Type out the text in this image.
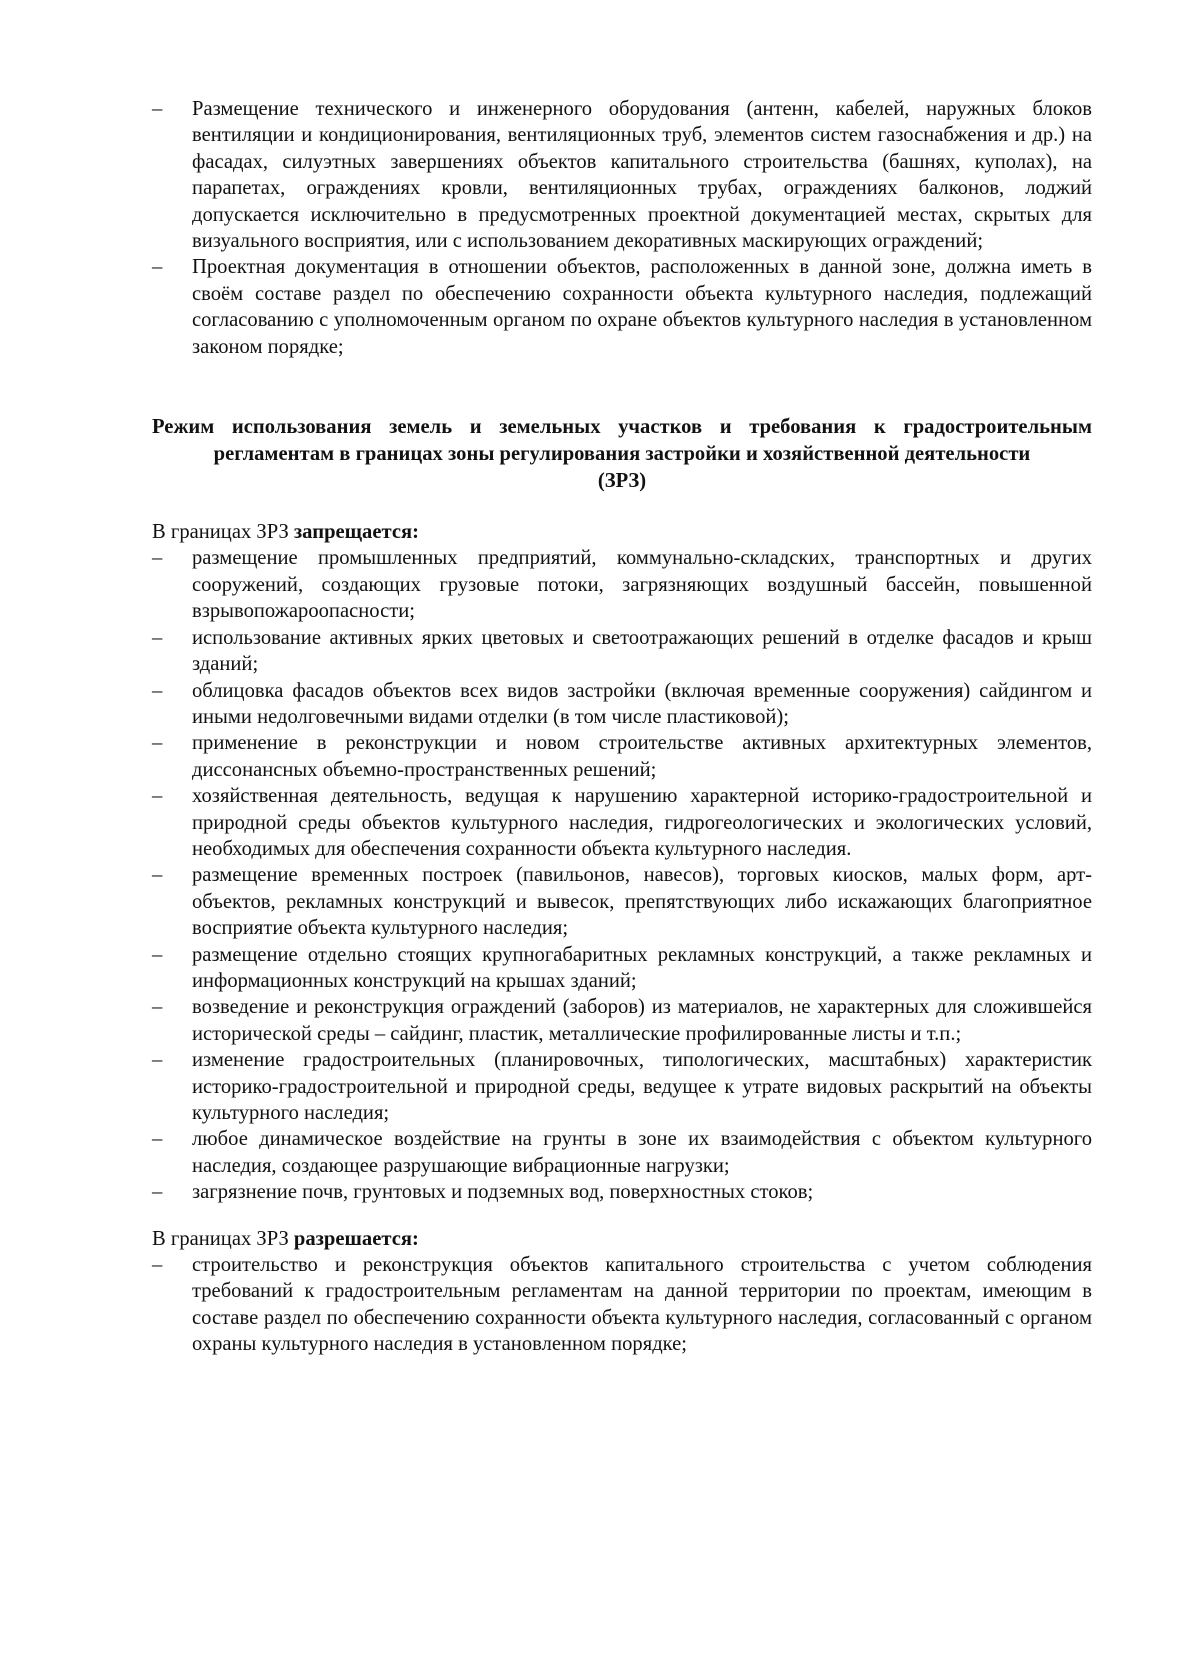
–	Размещение технического и инженерного оборудования (антенн, кабелей, наружных блоков вентиляции и кондиционирования, вентиляционных труб, элементов систем газоснабжения и др.) на фасадах, силуэтных завершениях объектов капитального строительства (башнях, куполах), на парапетах, ограждениях кровли, вентиляционных трубах, ограждениях балконов, лоджий допускается исключительно в предусмотренных проектной документацией местах, скрытых для визуального восприятия, или с использованием декоративных маскирующих ограждений;
–	Проектная документация в отношении объектов, расположенных в данной зоне, должна иметь в своём составе раздел по обеспечению сохранности объекта культурного наследия, подлежащий согласованию с уполномоченным органом по охране объектов культурного наследия в установленном законом порядке;
Режим использования земель и земельных участков и требования к градостроительным регламентам в границах зоны регулирования застройки и хозяйственной деятельности
(ЗРЗ)
В границах ЗРЗ запрещается:
–	размещение промышленных предприятий, коммунально-складских, транспортных и других сооружений, создающих грузовые потоки, загрязняющих воздушный бассейн, повышенной взрывопожароопасности;
–	использование активных ярких цветовых и светоотражающих решений в отделке фасадов и крыш зданий;
–	облицовка фасадов объектов всех видов застройки (включая временные сооружения) сайдингом и иными недолговечными видами отделки (в том числе пластиковой);
–	применение в реконструкции и новом строительстве активных архитектурных элементов, диссонансных объемно-пространственных решений;
–	хозяйственная деятельность, ведущая к нарушению характерной историко-градостроительной и природной среды объектов культурного наследия, гидрогеологических и экологических условий, необходимых для обеспечения сохранности объекта культурного наследия.
–	размещение временных построек (павильонов, навесов), торговых киосков, малых форм, арт-объектов, рекламных конструкций и вывесок, препятствующих либо искажающих благоприятное восприятие объекта культурного наследия;
–	размещение отдельно стоящих крупногабаритных рекламных конструкций, а также рекламных и информационных конструкций на крышах зданий;
–	возведение и реконструкция ограждений (заборов) из материалов, не характерных для сложившейся исторической среды – сайдинг, пластик, металлические профилированные листы и т.п.;
–	изменение градостроительных (планировочных, типологических, масштабных) характеристик историко-градостроительной и природной среды, ведущее к утрате видовых раскрытий на объекты культурного наследия;
–	любое динамическое воздействие на грунты в зоне их взаимодействия с объектом культурного наследия, создающее разрушающие вибрационные нагрузки;
–	загрязнение почв, грунтовых и подземных вод, поверхностных стоков;
В границах ЗРЗ разрешается:
–	строительство и реконструкция объектов капитального строительства с учетом соблюдения требований к градостроительным регламентам на данной территории по проектам, имеющим в составе раздел по обеспечению сохранности объекта культурного наследия, согласованный с органом охраны культурного наследия в установленном порядке;
